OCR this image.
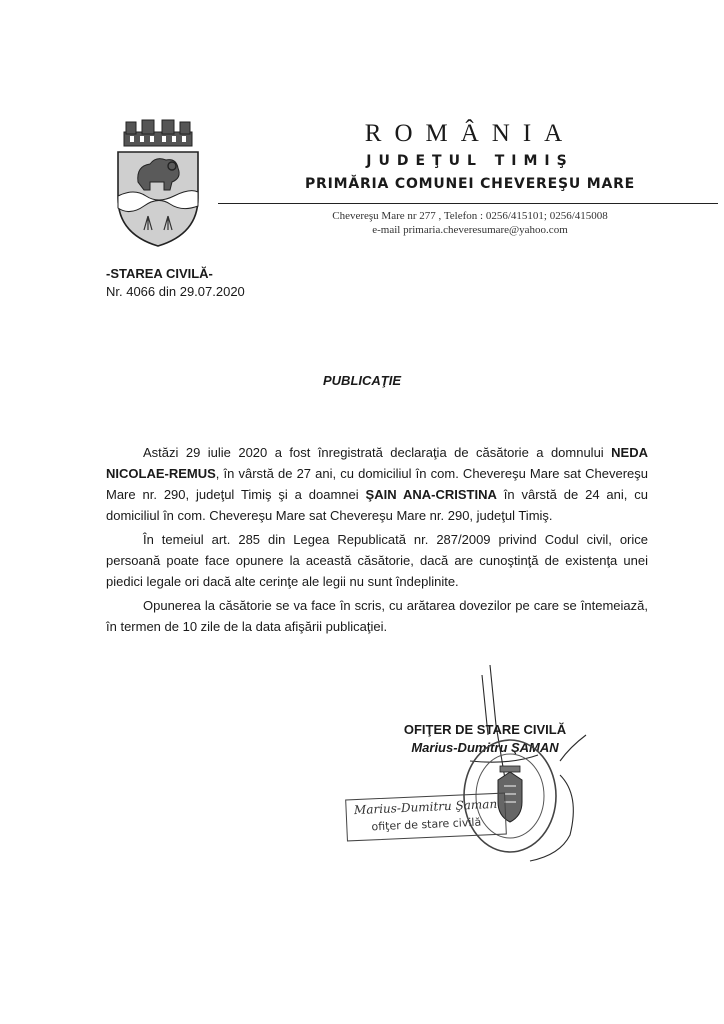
ROMÂNIA
JUDEŢUL TIMIŞ
PRIMĂRIA COMUNEI CHEVEREŞU MARE
Chevereşu Mare nr 277 , Telefon : 0256/415101; 0256/415008
e-mail primaria.cheveresumare@yahoo.com
-STAREA CIVILĂ-
Nr. 4066 din 29.07.2020
PUBLICAŢIE

Astăzi 29 iulie 2020 a fost înregistrată declaraţia de căsătorie a domnului NEDA NICOLAE-REMUS, în vârstă de 27 ani, cu domiciliul în com. Chevereşu Mare sat Chevereşu Mare nr. 290, judeţul Timiş şi a doamnei ŞAIN ANA-CRISTINA în vârstă de 24 ani, cu domiciliul în com. Chevereşu Mare sat Chevereşu Mare nr. 290, judeţul Timiş.

În temeiul art. 285 din Legea Republicată nr. 287/2009 privind Codul civil, orice persoană poate face opunere la această căsătorie, dacă are cunoştinţă de existenţa unei piedici legale ori dacă alte cerinţe ale legii nu sunt îndeplinite.

Opunerea la căsătorie se va face în scris, cu arătarea dovezilor pe care se întemeiază, în termen de 10 zile de la data afişării publicaţiei.

OFIŢER DE STARE CIVILĂ
Marius-Dumitru ŞAMAN
Marius-Dumitru Şaman
ofiţer de stare civilă
